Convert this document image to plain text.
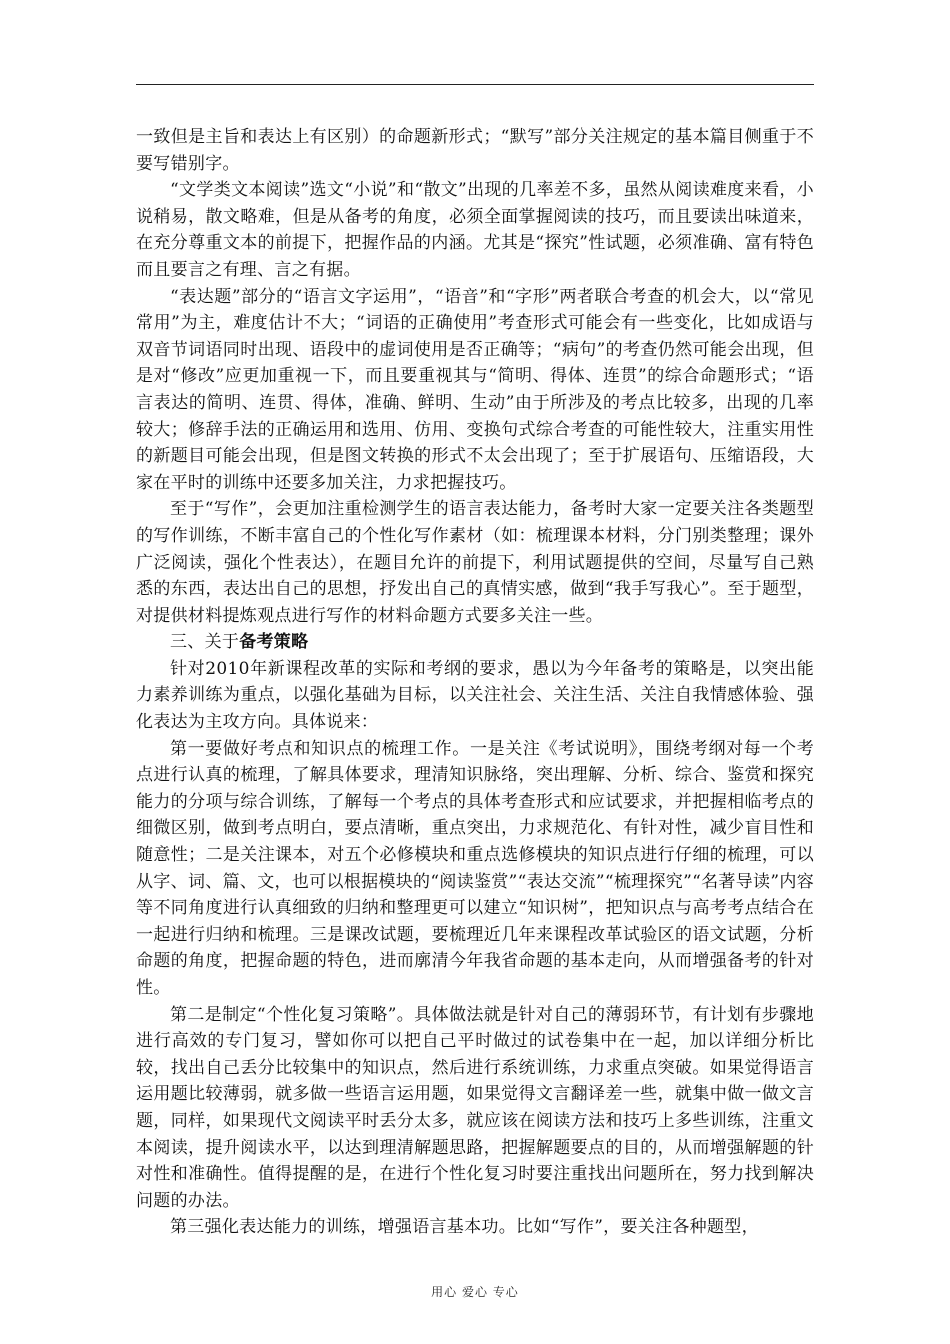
一致但是主旨和表达上有区别）的命题新形式；“默写”部分关注规定的基本篇目侧重于不要写错别字。

“文学类文本阅读”选文“小说”和“散文”出现的几率差不多，虽然从阅读难度来看，小说稍易，散文略难，但是从备考的角度，必须全面掌握阅读的技巧，而且要读出味道来，在充分尊重文本的前提下，把握作品的内涵。尤其是“探究”性试题，必须准确、富有特色而且要言之有理、言之有据。

“表达题”部分的“语言文字运用”，“语音”和“字形”两者联合考查的机会大，以“常见常用”为主，难度估计不大；“词语的正确使用”考查形式可能会有一些变化，比如成语与双音节词语同时出现、语段中的虚词使用是否正确等；“病句”的考查仍然可能会出现，但是对“修改”应更加重视一下，而且要重视其与“简明、得体、连贯”的综合命题形式；“语言表达的简明、连贯、得体，准确、鲜明、生动”由于所涉及的考点比较多，出现的几率较大；修辞手法的正确运用和选用、仿用、变换句式综合考查的可能性较大，注重实用性的新题目可能会出现，但是图文转换的形式不太会出现了；至于扩展语句、压缩语段，大家在平时的训练中还要多加关注，力求把握技巧。

至于“写作”，会更加注重检测学生的语言表达能力，备考时大家一定要关注各类题型的写作训练，不断丰富自己的个性化写作素材（如：梳理课本材料，分门别类整理；课外广泛阅读，强化个性表达），在题目允许的前提下，利用试题提供的空间，尽量写自己熟悉的东西，表达出自己的思想，抒发出自己的真情实感，做到“我手写我心”。至于题型，对提供材料提炼观点进行写作的材料命题方式要多关注一些。

三、关于备考策略

针对2010年新课程改革的实际和考纲的要求，愚以为今年备考的策略是，以突出能力素养训练为重点，以强化基础为目标，以关注社会、关注生活、关注自我情感体验、强化表达为主攻方向。具体说来：

第一要做好考点和知识点的梳理工作。一是关注《考试说明》，围绕考纲对每一个考点进行认真的梳理，了解具体要求，理清知识脉络，突出理解、分析、综合、鉴赏和探究能力的分项与综合训练，了解每一个考点的具体考查形式和应试要求，并把握相临考点的细微区别，做到考点明白，要点清晰，重点突出，力求规范化、有针对性，减少盲目性和随意性；二是关注课本，对五个必修模块和重点选修模块的知识点进行仔细的梳理，可以从字、词、篇、文，也可以根据模块的“阅读鉴赏”“表达交流”“梳理探究”“名著导读”内容等不同角度进行认真细致的归纳和整理更可以建立“知识树”，把知识点与高考考点结合在一起进行归纳和梳理。三是课改试题，要梳理近几年来课程改革试验区的语文试题，分析命题的角度，把握命题的特色，进而廓清今年我省命题的基本走向，从而增强备考的针对性。

第二是制定“个性化复习策略”。具体做法就是针对自己的薄弱环节，有计划有步骤地进行高效的专门复习，譬如你可以把自己平时做过的试卷集中在一起，加以详细分析比较，找出自己丢分比较集中的知识点，然后进行系统训练，力求重点突破。如果觉得语言运用题比较薄弱，就多做一些语言运用题，如果觉得文言翻译差一些，就集中做一做文言题，同样，如果现代文阅读平时丢分太多，就应该在阅读方法和技巧上多些训练，注重文本阅读，提升阅读水平，以达到理清解题思路，把握解题要点的目的，从而增强解题的针对性和准确性。值得提醒的是，在进行个性化复习时要注重找出问题所在，努力找到解决问题的办法。

第三强化表达能力的训练，增强语言基本功。比如“写作”，要关注各种题型，

用心 爱心 专心
